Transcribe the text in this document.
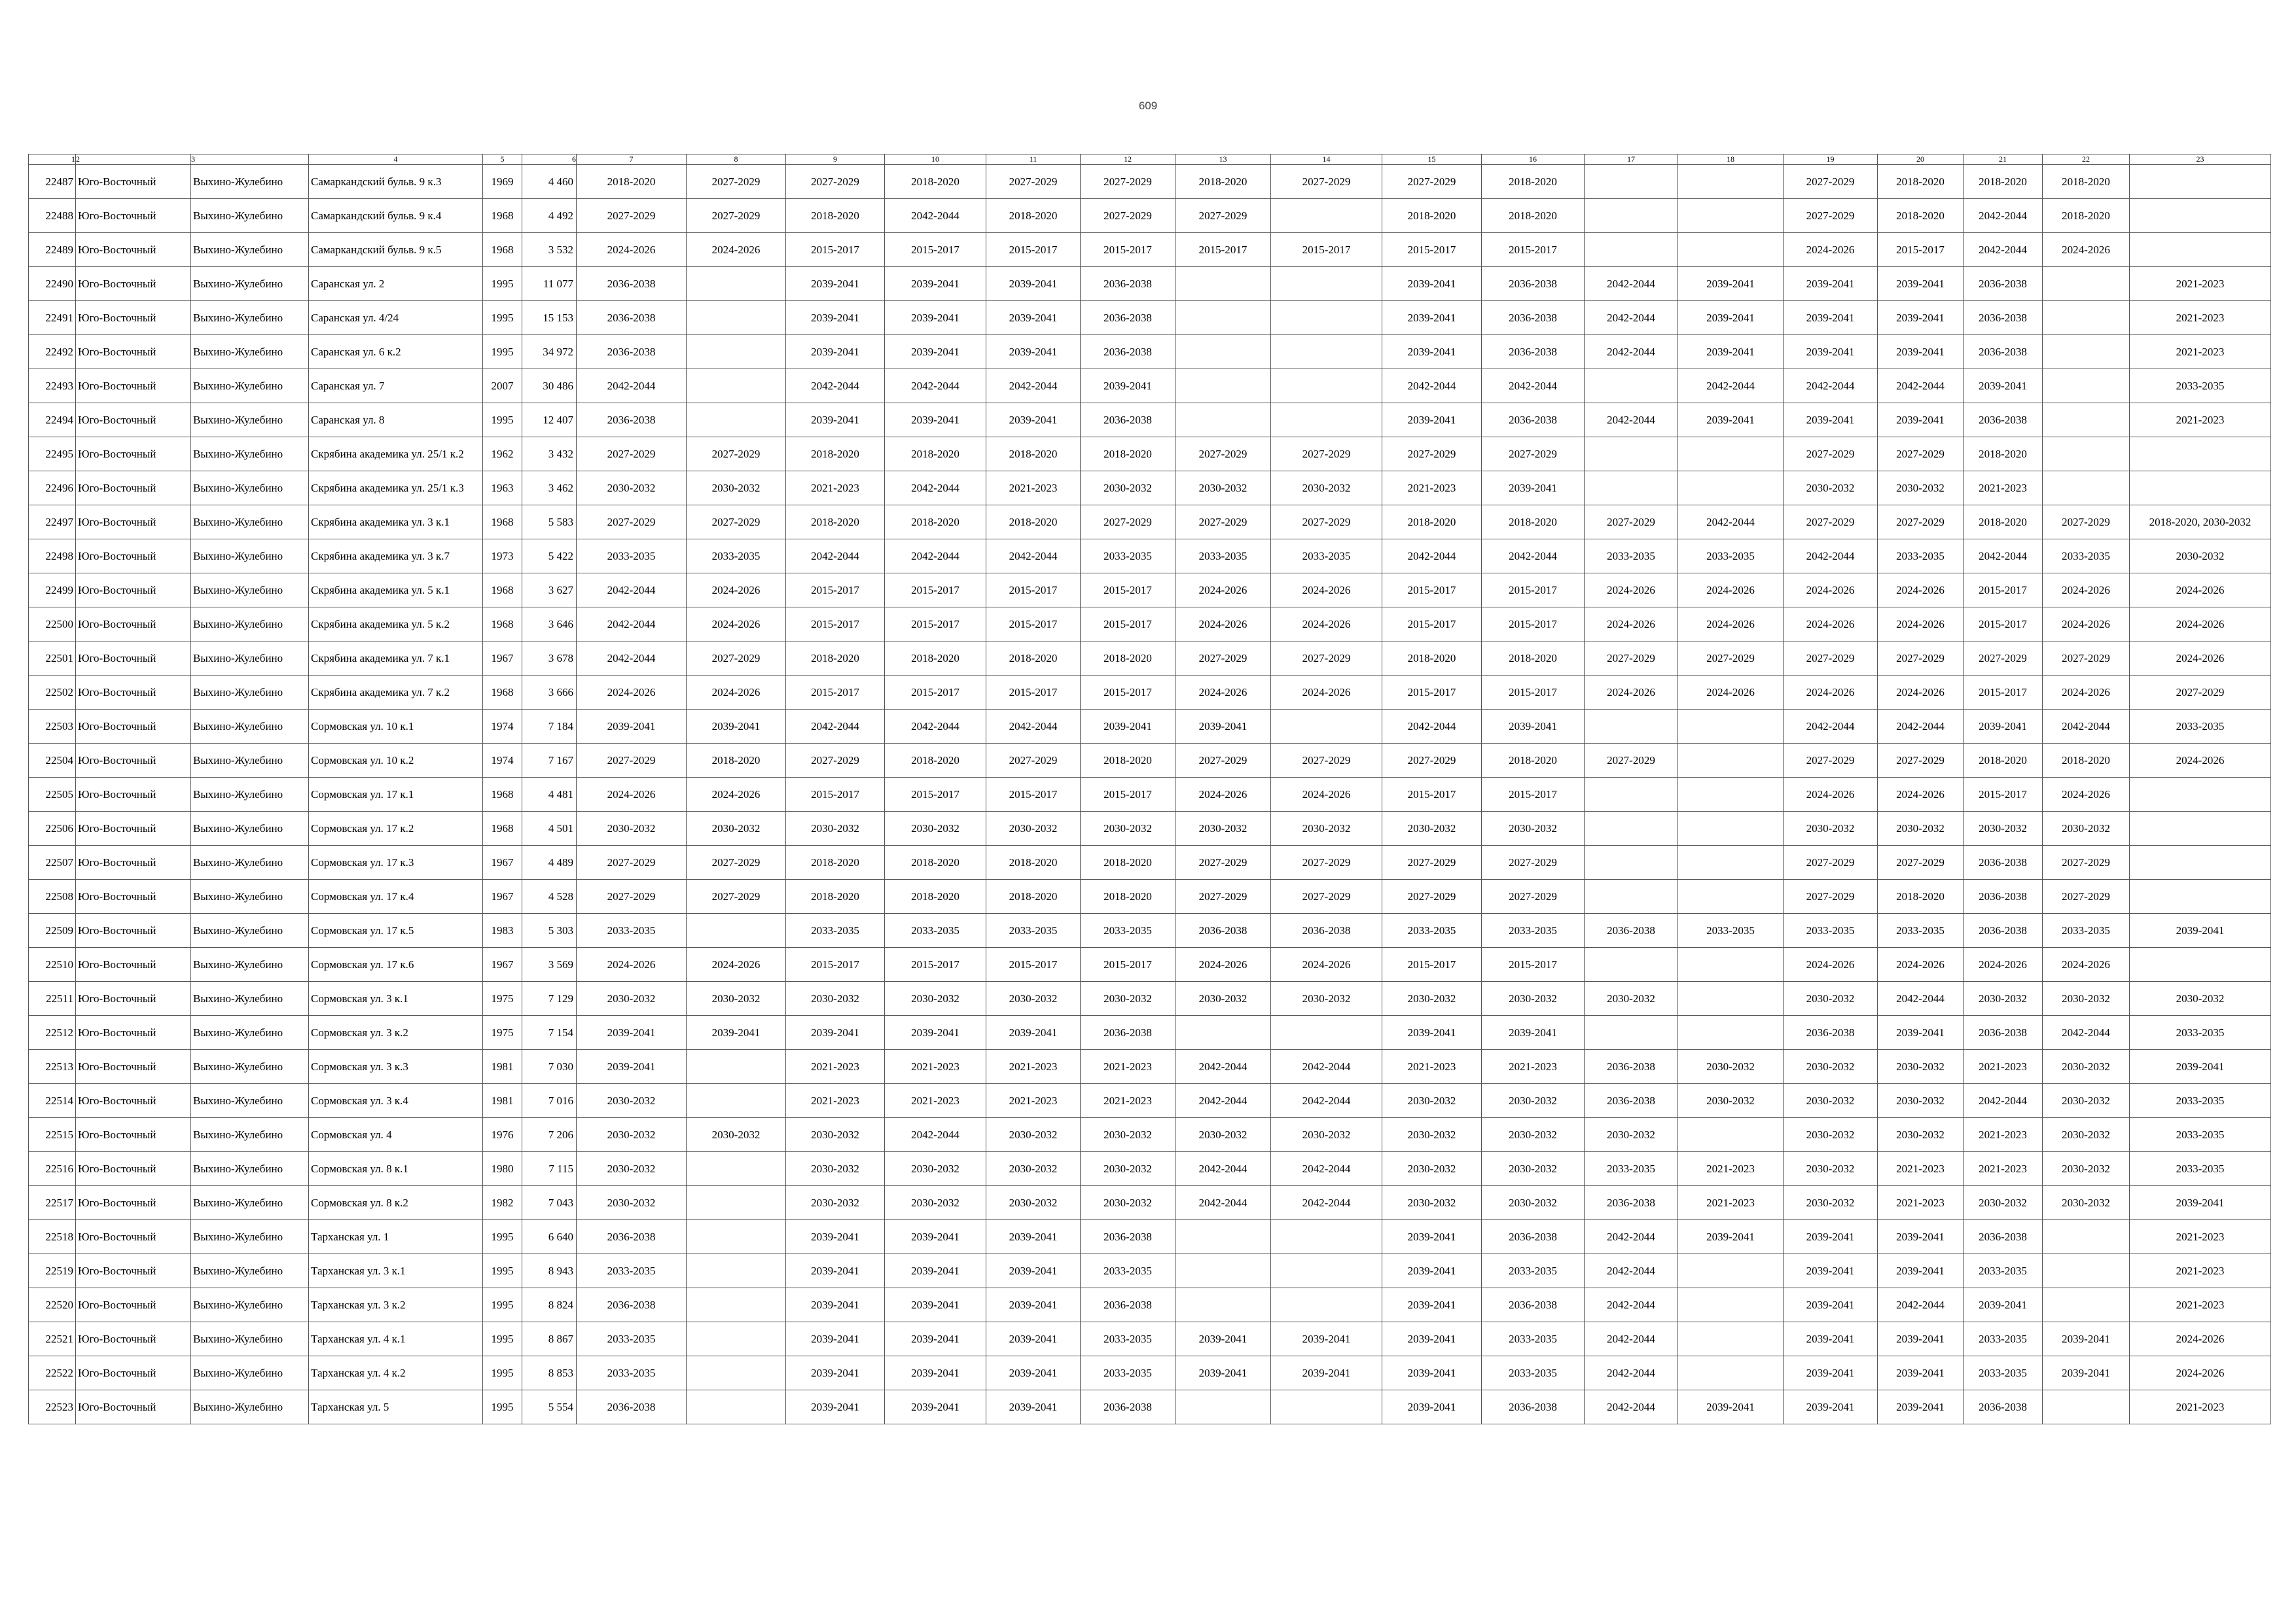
609
1	2	3	4	5	6	7	8	9	10	11	12	13	14	15	16	17	18	19	20	21	22	23
22487	Юго-Восточный	Выхино-Жулебино	Самаркандский бульв. 9 к.3	1969	4 460	2018-2020	2027-2029	2027-2029	2018-2020	2027-2029	2027-2029	2018-2020	2027-2029	2027-2029	2018-2020			2027-2029	2018-2020	2018-2020	2018-2020	
22488	Юго-Восточный	Выхино-Жулебино	Самаркандский бульв. 9 к.4	1968	4 492	2027-2029	2027-2029	2018-2020	2042-2044	2018-2020	2027-2029	2027-2029		2018-2020	2018-2020			2027-2029	2018-2020	2042-2044	2018-2020	
22489	Юго-Восточный	Выхино-Жулебино	Самаркандский бульв. 9 к.5	1968	3 532	2024-2026	2024-2026	2015-2017	2015-2017	2015-2017	2015-2017	2015-2017	2015-2017	2015-2017	2015-2017			2024-2026	2015-2017	2042-2044	2024-2026	
22490	Юго-Восточный	Выхино-Жулебино	Саранская ул. 2	1995	11 077	2036-2038		2039-2041	2039-2041	2039-2041	2036-2038			2039-2041	2036-2038	2042-2044	2039-2041	2039-2041	2039-2041	2036-2038		2021-2023
22491	Юго-Восточный	Выхино-Жулебино	Саранская ул. 4/24	1995	15 153	2036-2038		2039-2041	2039-2041	2039-2041	2036-2038			2039-2041	2036-2038	2042-2044	2039-2041	2039-2041	2039-2041	2036-2038		2021-2023
22492	Юго-Восточный	Выхино-Жулебино	Саранская ул. 6 к.2	1995	34 972	2036-2038		2039-2041	2039-2041	2039-2041	2036-2038			2039-2041	2036-2038	2042-2044	2039-2041	2039-2041	2039-2041	2036-2038		2021-2023
22493	Юго-Восточный	Выхино-Жулебино	Саранская ул. 7	2007	30 486	2042-2044		2042-2044	2042-2044	2042-2044	2039-2041			2042-2044	2042-2044		2042-2044	2042-2044	2042-2044	2039-2041		2033-2035
22494	Юго-Восточный	Выхино-Жулебино	Саранская ул. 8	1995	12 407	2036-2038		2039-2041	2039-2041	2039-2041	2036-2038			2039-2041	2036-2038	2042-2044	2039-2041	2039-2041	2039-2041	2036-2038		2021-2023
22495	Юго-Восточный	Выхино-Жулебино	Скрябина академика ул. 25/1 к.2	1962	3 432	2027-2029	2027-2029	2018-2020	2018-2020	2018-2020	2018-2020	2027-2029	2027-2029	2027-2029	2027-2029			2027-2029	2027-2029	2018-2020		
22496	Юго-Восточный	Выхино-Жулебино	Скрябина академика ул. 25/1 к.3	1963	3 462	2030-2032	2030-2032	2021-2023	2042-2044	2021-2023	2030-2032	2030-2032	2030-2032	2021-2023	2039-2041			2030-2032	2030-2032	2021-2023		
22497	Юго-Восточный	Выхино-Жулебино	Скрябина академика ул. 3 к.1	1968	5 583	2027-2029	2027-2029	2018-2020	2018-2020	2018-2020	2027-2029	2027-2029	2027-2029	2018-2020	2018-2020	2027-2029	2042-2044	2027-2029	2027-2029	2018-2020	2027-2029	2018-2020, 2030-2032
22498	Юго-Восточный	Выхино-Жулебино	Скрябина академика ул. 3 к.7	1973	5 422	2033-2035	2033-2035	2042-2044	2042-2044	2042-2044	2033-2035	2033-2035	2033-2035	2042-2044	2042-2044	2033-2035	2033-2035	2042-2044	2033-2035	2042-2044	2033-2035	2030-2032
22499	Юго-Восточный	Выхино-Жулебино	Скрябина академика ул. 5 к.1	1968	3 627	2042-2044	2024-2026	2015-2017	2015-2017	2015-2017	2015-2017	2024-2026	2024-2026	2015-2017	2015-2017	2024-2026	2024-2026	2024-2026	2024-2026	2015-2017	2024-2026	2024-2026
22500	Юго-Восточный	Выхино-Жулебино	Скрябина академика ул. 5 к.2	1968	3 646	2042-2044	2024-2026	2015-2017	2015-2017	2015-2017	2015-2017	2024-2026	2024-2026	2015-2017	2015-2017	2024-2026	2024-2026	2024-2026	2024-2026	2015-2017	2024-2026	2024-2026
22501	Юго-Восточный	Выхино-Жулебино	Скрябина академика ул. 7 к.1	1967	3 678	2042-2044	2027-2029	2018-2020	2018-2020	2018-2020	2018-2020	2027-2029	2027-2029	2018-2020	2018-2020	2027-2029	2027-2029	2027-2029	2027-2029	2027-2029	2027-2029	2024-2026
22502	Юго-Восточный	Выхино-Жулебино	Скрябина академика ул. 7 к.2	1968	3 666	2024-2026	2024-2026	2015-2017	2015-2017	2015-2017	2015-2017	2024-2026	2024-2026	2015-2017	2015-2017	2024-2026	2024-2026	2024-2026	2024-2026	2015-2017	2024-2026	2027-2029
22503	Юго-Восточный	Выхино-Жулебино	Сормовская ул. 10 к.1	1974	7 184	2039-2041	2039-2041	2042-2044	2042-2044	2042-2044	2039-2041	2039-2041		2042-2044	2039-2041			2042-2044	2042-2044	2039-2041	2042-2044	2033-2035
22504	Юго-Восточный	Выхино-Жулебино	Сормовская ул. 10 к.2	1974	7 167	2027-2029	2018-2020	2027-2029	2018-2020	2027-2029	2018-2020	2027-2029	2027-2029	2027-2029	2018-2020	2027-2029		2027-2029	2027-2029	2018-2020	2018-2020	2024-2026
22505	Юго-Восточный	Выхино-Жулебино	Сормовская ул. 17 к.1	1968	4 481	2024-2026	2024-2026	2015-2017	2015-2017	2015-2017	2015-2017	2024-2026	2024-2026	2015-2017	2015-2017			2024-2026	2024-2026	2015-2017	2024-2026	
22506	Юго-Восточный	Выхино-Жулебино	Сормовская ул. 17 к.2	1968	4 501	2030-2032	2030-2032	2030-2032	2030-2032	2030-2032	2030-2032	2030-2032	2030-2032	2030-2032	2030-2032			2030-2032	2030-2032	2030-2032	2030-2032	
22507	Юго-Восточный	Выхино-Жулебино	Сормовская ул. 17 к.3	1967	4 489	2027-2029	2027-2029	2018-2020	2018-2020	2018-2020	2018-2020	2027-2029	2027-2029	2027-2029	2027-2029			2027-2029	2027-2029	2036-2038	2027-2029	
22508	Юго-Восточный	Выхино-Жулебино	Сормовская ул. 17 к.4	1967	4 528	2027-2029	2027-2029	2018-2020	2018-2020	2018-2020	2018-2020	2027-2029	2027-2029	2027-2029	2027-2029			2027-2029	2018-2020	2036-2038	2027-2029	
22509	Юго-Восточный	Выхино-Жулебино	Сормовская ул. 17 к.5	1983	5 303	2033-2035		2033-2035	2033-2035	2033-2035	2033-2035	2036-2038	2036-2038	2033-2035	2033-2035	2036-2038	2033-2035	2033-2035	2033-2035	2036-2038	2033-2035	2039-2041
22510	Юго-Восточный	Выхино-Жулебино	Сормовская ул. 17 к.6	1967	3 569	2024-2026	2024-2026	2015-2017	2015-2017	2015-2017	2015-2017	2024-2026	2024-2026	2015-2017	2015-2017			2024-2026	2024-2026	2024-2026	2024-2026	
22511	Юго-Восточный	Выхино-Жулебино	Сормовская ул. 3 к.1	1975	7 129	2030-2032	2030-2032	2030-2032	2030-2032	2030-2032	2030-2032	2030-2032	2030-2032	2030-2032	2030-2032	2030-2032		2030-2032	2042-2044	2030-2032	2030-2032	2030-2032
22512	Юго-Восточный	Выхино-Жулебино	Сормовская ул. 3 к.2	1975	7 154	2039-2041	2039-2041	2039-2041	2039-2041	2039-2041	2036-2038			2039-2041	2039-2041			2036-2038	2039-2041	2036-2038	2042-2044	2033-2035
22513	Юго-Восточный	Выхино-Жулебино	Сормовская ул. 3 к.3	1981	7 030	2039-2041		2021-2023	2021-2023	2021-2023	2021-2023	2042-2044	2042-2044	2021-2023	2021-2023	2036-2038	2030-2032	2030-2032	2030-2032	2021-2023	2030-2032	2039-2041
22514	Юго-Восточный	Выхино-Жулебино	Сормовская ул. 3 к.4	1981	7 016	2030-2032		2021-2023	2021-2023	2021-2023	2021-2023	2042-2044	2042-2044	2030-2032	2030-2032	2036-2038	2030-2032	2030-2032	2030-2032	2042-2044	2030-2032	2033-2035
22515	Юго-Восточный	Выхино-Жулебино	Сормовская ул. 4	1976	7 206	2030-2032	2030-2032	2030-2032	2042-2044	2030-2032	2030-2032	2030-2032	2030-2032	2030-2032	2030-2032	2030-2032		2030-2032	2030-2032	2021-2023	2030-2032	2033-2035
22516	Юго-Восточный	Выхино-Жулебино	Сормовская ул. 8 к.1	1980	7 115	2030-2032		2030-2032	2030-2032	2030-2032	2030-2032	2042-2044	2042-2044	2030-2032	2030-2032	2033-2035	2021-2023	2030-2032	2021-2023	2021-2023	2030-2032	2033-2035
22517	Юго-Восточный	Выхино-Жулебино	Сормовская ул. 8 к.2	1982	7 043	2030-2032		2030-2032	2030-2032	2030-2032	2030-2032	2042-2044	2042-2044	2030-2032	2030-2032	2036-2038	2021-2023	2030-2032	2021-2023	2030-2032	2030-2032	2039-2041
22518	Юго-Восточный	Выхино-Жулебино	Тарханская ул. 1	1995	6 640	2036-2038		2039-2041	2039-2041	2039-2041	2036-2038			2039-2041	2036-2038	2042-2044	2039-2041	2039-2041	2039-2041	2036-2038		2021-2023
22519	Юго-Восточный	Выхино-Жулебино	Тарханская ул. 3 к.1	1995	8 943	2033-2035		2039-2041	2039-2041	2039-2041	2033-2035			2039-2041	2033-2035	2042-2044		2039-2041	2039-2041	2033-2035		2021-2023
22520	Юго-Восточный	Выхино-Жулебино	Тарханская ул. 3 к.2	1995	8 824	2036-2038		2039-2041	2039-2041	2039-2041	2036-2038			2039-2041	2036-2038	2042-2044		2039-2041	2042-2044	2039-2041		2021-2023
22521	Юго-Восточный	Выхино-Жулебино	Тарханская ул. 4 к.1	1995	8 867	2033-2035		2039-2041	2039-2041	2039-2041	2033-2035	2039-2041	2039-2041	2039-2041	2033-2035	2042-2044		2039-2041	2039-2041	2033-2035	2039-2041	2024-2026
22522	Юго-Восточный	Выхино-Жулебино	Тарханская ул. 4 к.2	1995	8 853	2033-2035		2039-2041	2039-2041	2039-2041	2033-2035	2039-2041	2039-2041	2039-2041	2033-2035	2042-2044		2039-2041	2039-2041	2033-2035	2039-2041	2024-2026
22523	Юго-Восточный	Выхино-Жулебино	Тарханская ул. 5	1995	5 554	2036-2038		2039-2041	2039-2041	2039-2041	2036-2038			2039-2041	2036-2038	2042-2044	2039-2041	2039-2041	2039-2041	2036-2038		2021-2023
